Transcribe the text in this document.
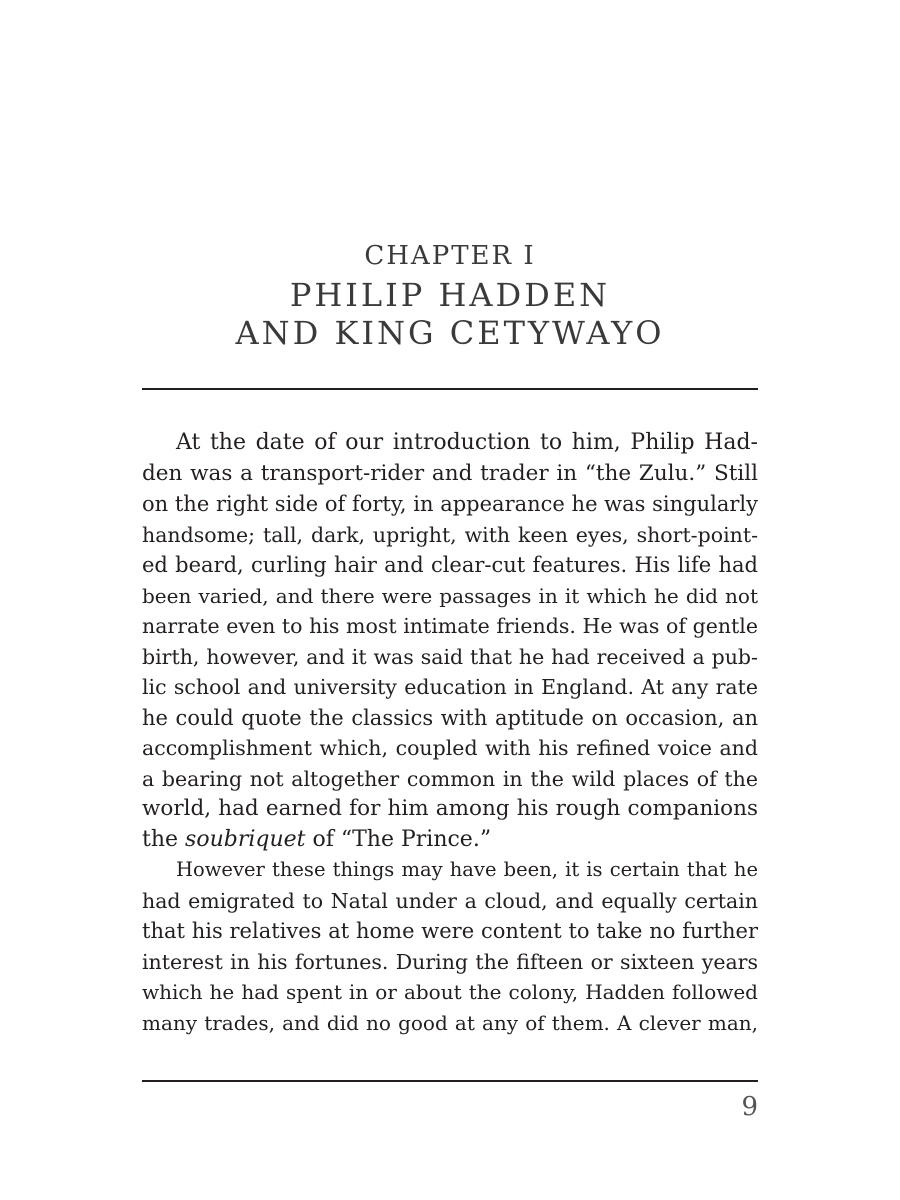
CHAPTER I
PHILIP HADDEN
AND KING CETYWAYO
At the date of our introduction to him, Philip Had-
den was a transport-rider and trader in “the Zulu.” Still
on the right side of forty, in appearance he was singularly
handsome; tall, dark, upright, with keen eyes, short-point-
ed beard, curling hair and clear-cut features. His life had
been varied, and there were passages in it which he did not
narrate even to his most intimate friends. He was of gentle
birth, however, and it was said that he had received a pub-
lic school and university education in England. At any rate
he could quote the classics with aptitude on occasion, an
accomplishment which, coupled with his refined voice and
a bearing not altogether common in the wild places of the
world, had earned for him among his rough companions
the soubriquet of “The Prince.”
However these things may have been, it is certain that he
had emigrated to Natal under a cloud, and equally certain
that his relatives at home were content to take no further
interest in his fortunes. During the fifteen or sixteen years
which he had spent in or about the colony, Hadden followed
many trades, and did no good at any of them. A clever man,
9
